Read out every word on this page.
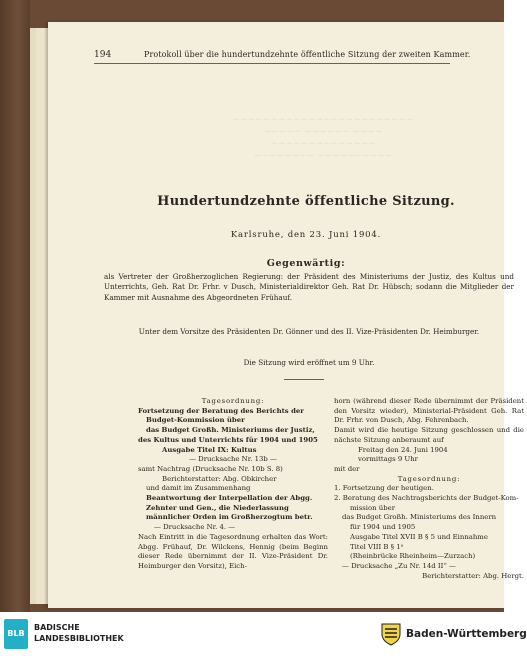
194	Protokoll über die hundertundzehnte öffentliche Sitzung der zweiten Kammer.
~~~~~~~~~~~~~~~~~~~~~~~~
~~~~~ ~~~~~~ ~~~~
~~~~~~~~~~~~~~
~~~~~~~~ ~~~~~~~~~~
Hundertundzehnte öffentliche Sitzung.
Karlsruhe, den 23. Juni 1904.
Gegenwärtig:

als Vertreter der Großherzoglichen Regierung: der Präsident des Ministeriums der Justiz, des Kultus und Unterrichts, Geh. Rat Dr. Frhr. v Dusch, Ministerialdirektor Geh. Rat Dr. Hübsch; sodann die Mitglieder der Kammer mit Ausnahme des Abgeordneten Frühauf.

Unter dem Vorsitze des Präsidenten Dr. Gönner und des II. Vize-Präsidenten Dr. Heimburger.

Die Sitzung wird eröffnet um 9 Uhr.

Tagesordnung:
Fortsetzung der Beratung des Berichts der
Budget-Kommission über
das Budget Großh. Ministeriums der Justiz,
des Kultus und Unterrichts für 1904 und 1905
Ausgabe Titel IX: Kultus
— Drucksache Nr. 13b —
samt Nachtrag (Drucksache Nr. 10b S. 8)
Berichterstatter: Abg. Obkircher
und damit im Zusammenhang
Beantwortung der Interpellation der Abgg.
Zehnter und Gen., die Niederlassung
männlicher Orden im Großherzogtum betr.
— Drucksache Nr. 4. —

Nach Eintritt in die Tagesordnung erhalten das Wort: Abgg. Frühauf, Dr. Wilckens, Hennig (beim Beginn dieser Rede übernimmt der II. Vize-Präsident Dr. Heimburger den Vorsitz), Eich-

horn (während dieser Rede übernimmt der Präsident den Vorsitz wieder), Ministerial-Präsident Geh. Rat Dr. Frhr. von Dusch, Abg. Fehrenbach.

Damit wird die heutige Sitzung geschlossen und die nächste Sitzung anberaumt auf

Freitag den 24. Juni 1904
vormittags 9 Uhr
mit der
Tagesordnung:
1. Fortsetzung der heutigen.
2. Beratung des Nachtragsberichts der Budget-Kom-
mission über
das Budget Großh. Ministeriums des Innern
für 1904 und 1905
Ausgabe Titel XVII B § 5 und Einnahme
Titel VIII B § 1ᵃ
(Rheinbrücke Rheinheim—Zurzach)
— Drucksache „Zu Nr. 14d II“ —
Berichterstatter: Abg. Hergt.
BLB
BADISCHE
LANDESBIBLIOTHEK	Baden-Württemberg
